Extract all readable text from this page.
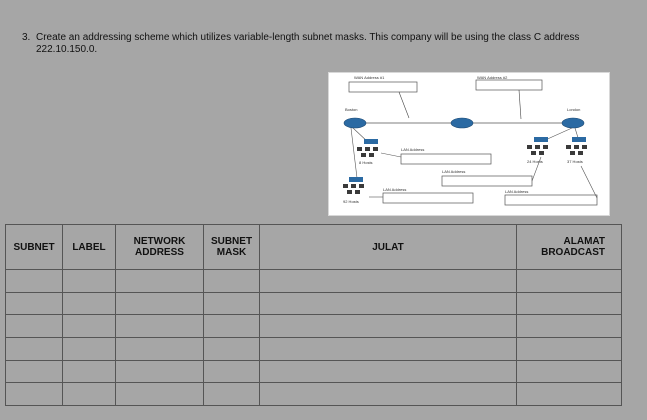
3. Create an addressing scheme which utilizes variable-length subnet masks. This company will be using the class C address
222.10.150.0.
WAN Address #1	WAN Address #2
Boston	London
8 Hosts	24 Hosts	37 Hosts
92 Hosts
LAN Address
LAN Address
LAN Address	LAN Address
SUBNET	LABEL	NETWORK ADDRESS	SUBNET MASK	JULAT	ALAMAT BROADCAST
